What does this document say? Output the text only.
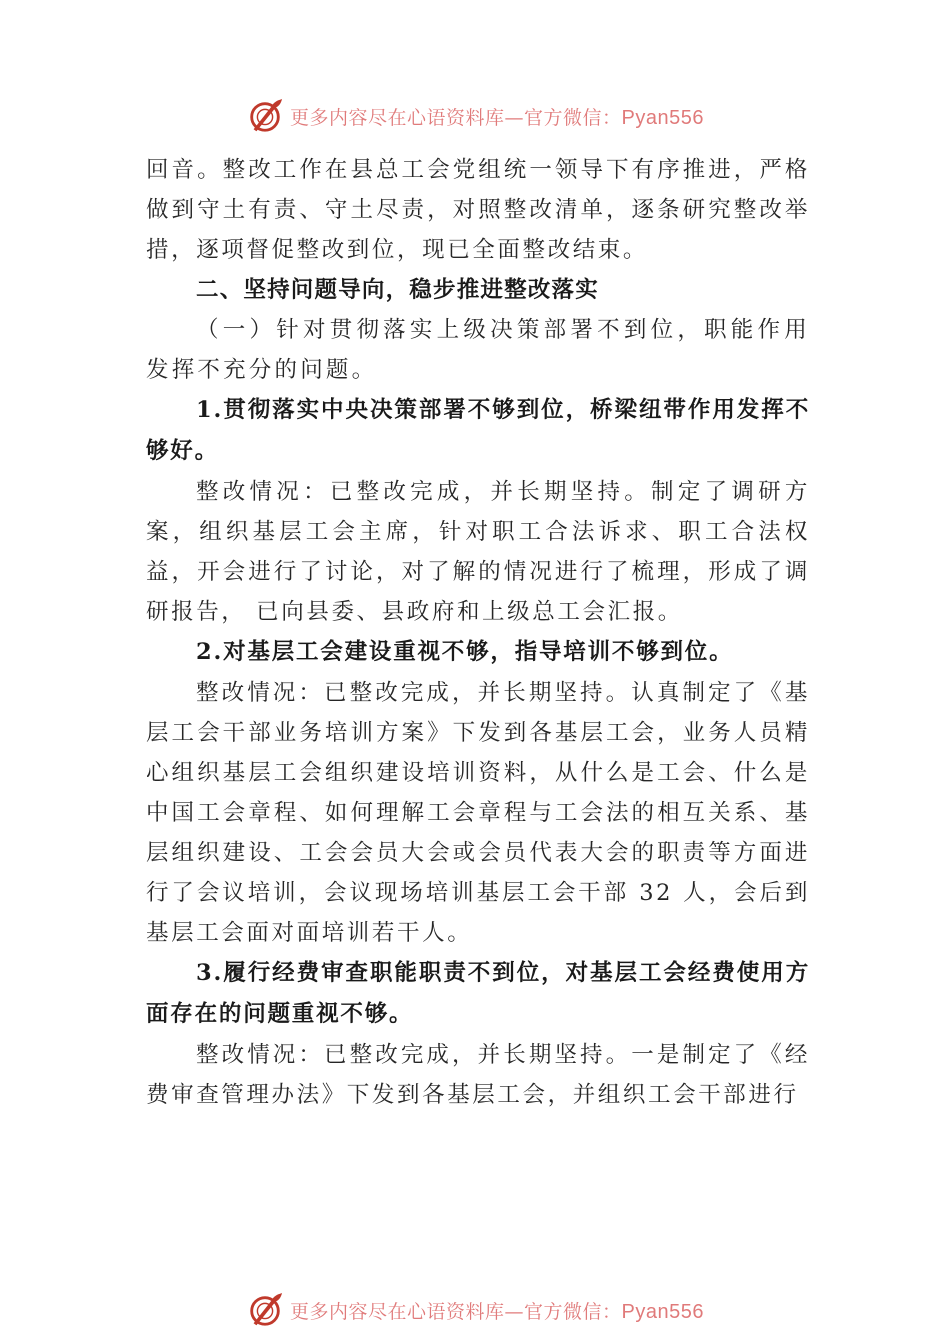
更多内容尽在心语资料库—官方微信：Pyan556

回音。整改工作在县总工会党组统一领导下有序推进，严格做到守土有责、守土尽责，对照整改清单，逐条研究整改举措，逐项督促整改到位，现已全面整改结束。

二、坚持问题导向，稳步推进整改落实

（一）针对贯彻落实上级决策部署不到位，职能作用发挥不充分的问题。

1.贯彻落实中央决策部署不够到位，桥梁纽带作用发挥不够好。

整改情况：已整改完成，并长期坚持。制定了调研方案，组织基层工会主席，针对职工合法诉求、职工合法权益，开会进行了讨论，对了解的情况进行了梳理，形成了调研报告， 已向县委、县政府和上级总工会汇报。

2.对基层工会建设重视不够，指导培训不够到位。

整改情况：已整改完成，并长期坚持。认真制定了《基层工会干部业务培训方案》下发到各基层工会，业务人员精心组织基层工会组织建设培训资料，从什么是工会、什么是中国工会章程、如何理解工会章程与工会法的相互关系、基层组织建设、工会会员大会或会员代表大会的职责等方面进行了会议培训，会议现场培训基层工会干部 32 人，会后到基层工会面对面培训若干人。

3.履行经费审查职能职责不到位，对基层工会经费使用方面存在的问题重视不够。

整改情况：已整改完成，并长期坚持。一是制定了《经费审查管理办法》下发到各基层工会，并组织工会干部进行

更多内容尽在心语资料库—官方微信：Pyan556
